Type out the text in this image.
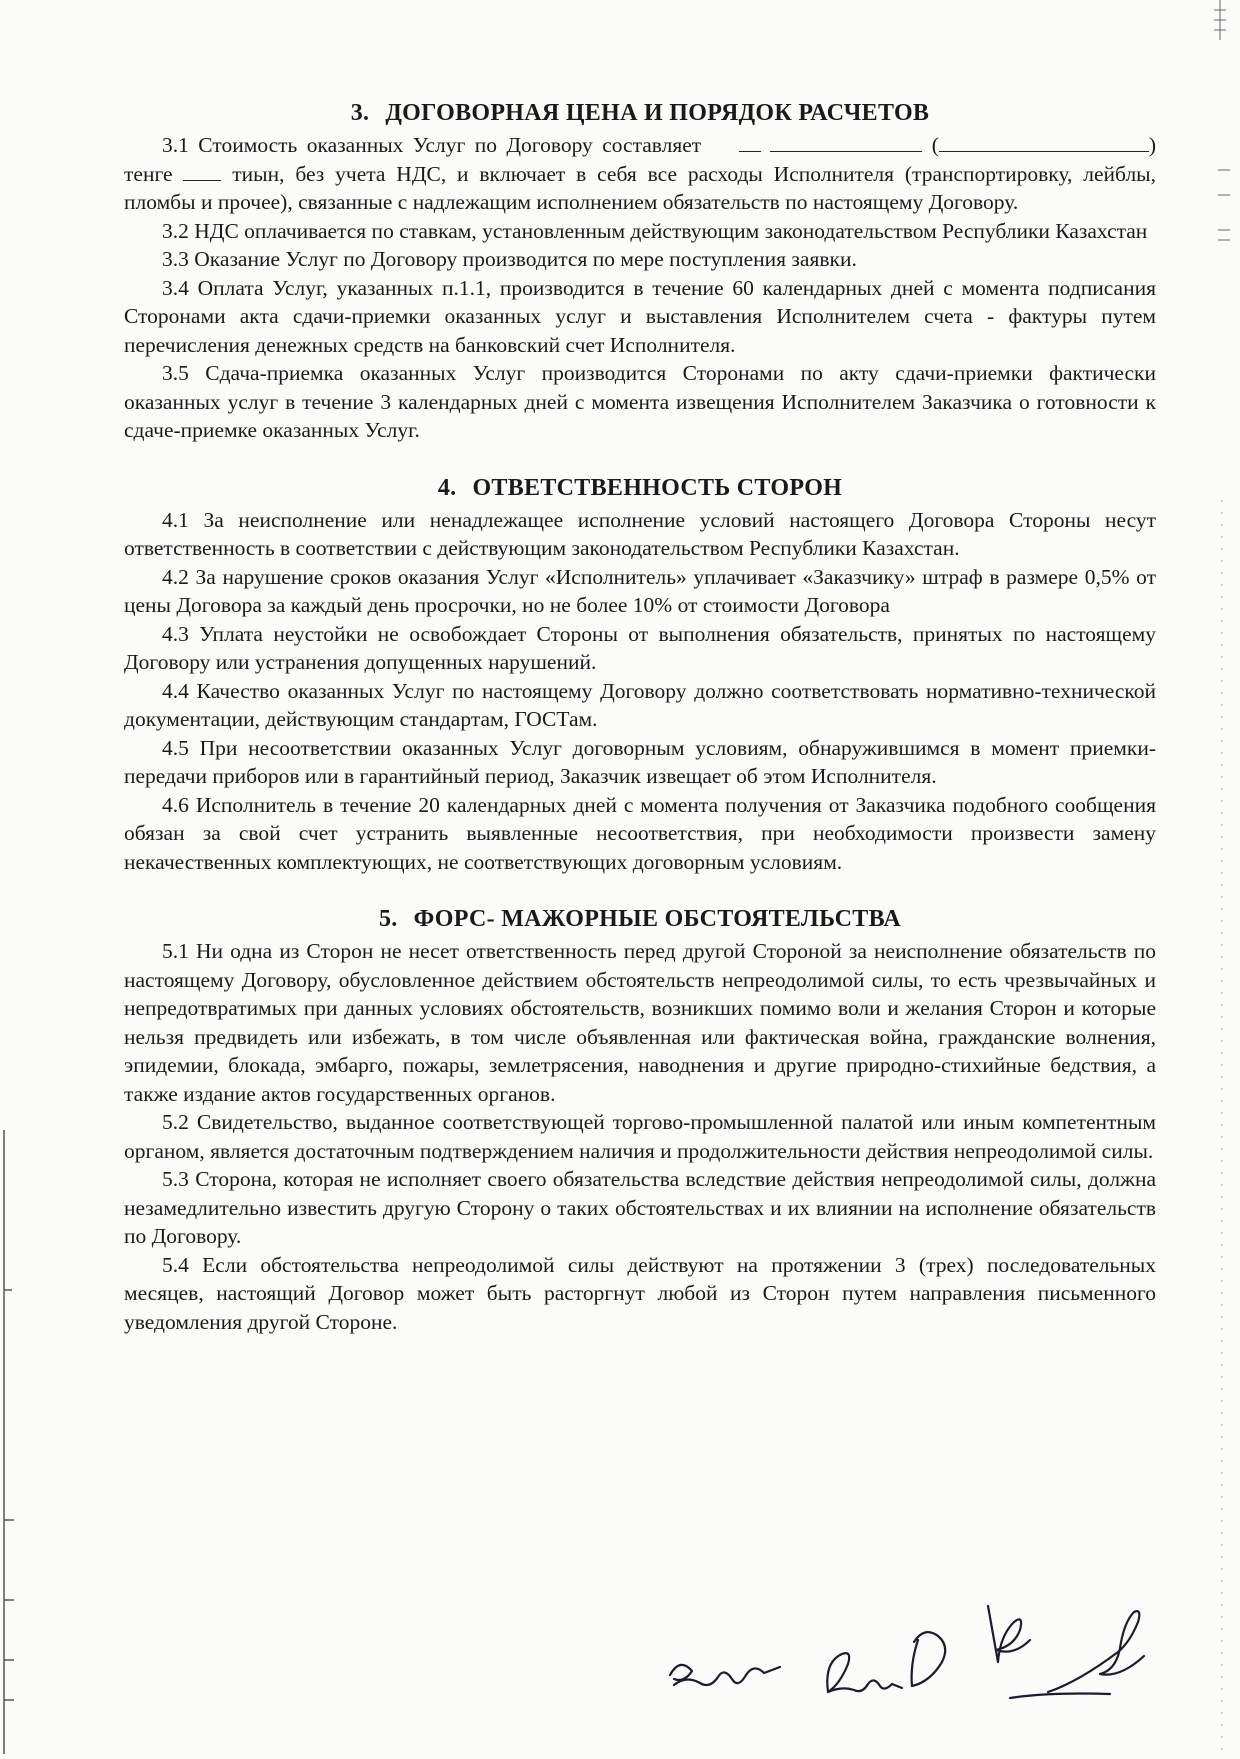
3. ДОГОВОРНАЯ ЦЕНА И ПОРЯДОК РАСЧЕТОВ

3.1 Стоимость оказанных Услуг по Договору составляет	(	) тенге	тиын, без учета НДС, и включает в себя все расходы Исполнителя (транспортировку, лейблы, пломбы и прочее), связанные с надлежащим исполнением обязательств по настоящему Договору.

3.2 НДС оплачивается по ставкам, установленным действующим законодательством Республики Казахстан

3.3 Оказание Услуг по Договору производится по мере поступления заявки.

3.4 Оплата Услуг, указанных п.1.1, производится в течение 60 календарных дней с момента подписания Сторонами акта сдачи-приемки оказанных услуг и выставления Исполнителем счета - фактуры путем перечисления денежных средств на банковский счет Исполнителя.

3.5 Сдача-приемка оказанных Услуг производится Сторонами по акту сдачи-приемки фактически оказанных услуг в течение 3 календарных дней с момента извещения Исполнителем Заказчика о готовности к сдаче-приемке оказанных Услуг.

4. ОТВЕТСТВЕННОСТЬ СТОРОН

4.1 За неисполнение или ненадлежащее исполнение условий настоящего Договора Стороны несут ответственность в соответствии с действующим законодательством Республики Казахстан.

4.2 За нарушение сроков оказания Услуг «Исполнитель» уплачивает «Заказчику» штраф в размере 0,5% от цены Договора за каждый день просрочки, но не более 10% от стоимости Договора

4.3 Уплата неустойки не освобождает Стороны от выполнения обязательств, принятых по настоящему Договору или устранения допущенных нарушений.

4.4 Качество оказанных Услуг по настоящему Договору должно соответствовать нормативно-технической документации, действующим стандартам, ГОСТам.

4.5 При несоответствии оказанных Услуг договорным условиям, обнаружившимся в момент приемки-передачи приборов или в гарантийный период, Заказчик извещает об этом Исполнителя.

4.6 Исполнитель в течение 20 календарных дней с момента получения от Заказчика подобного сообщения обязан за свой счет устранить выявленные несоответствия, при необходимости произвести замену некачественных комплектующих, не соответствующих договорным условиям.

5. ФОРС- МАЖОРНЫЕ ОБСТОЯТЕЛЬСТВА

5.1 Ни одна из Сторон не несет ответственность перед другой Стороной за неисполнение обязательств по настоящему Договору, обусловленное действием обстоятельств непреодолимой силы, то есть чрезвычайных и непредотвратимых при данных условиях обстоятельств, возникших помимо воли и желания Сторон и которые нельзя предвидеть или избежать, в том числе объявленная или фактическая война, гражданские волнения, эпидемии, блокада, эмбарго, пожары, землетрясения, наводнения и другие природно-стихийные бедствия, а также издание актов государственных органов.

5.2 Свидетельство, выданное соответствующей торгово-промышленной палатой или иным компетентным органом, является достаточным подтверждением наличия и продолжительности действия непреодолимой силы.

5.3 Сторона, которая не исполняет своего обязательства вследствие действия непреодолимой силы, должна незамедлительно известить другую Сторону о таких обстоятельствах и их влиянии на исполнение обязательств по Договору.

5.4 Если обстоятельства непреодолимой силы действуют на протяжении 3 (трех) последовательных месяцев, настоящий Договор может быть расторгнут любой из Сторон путем направления письменного уведомления другой Стороне.
